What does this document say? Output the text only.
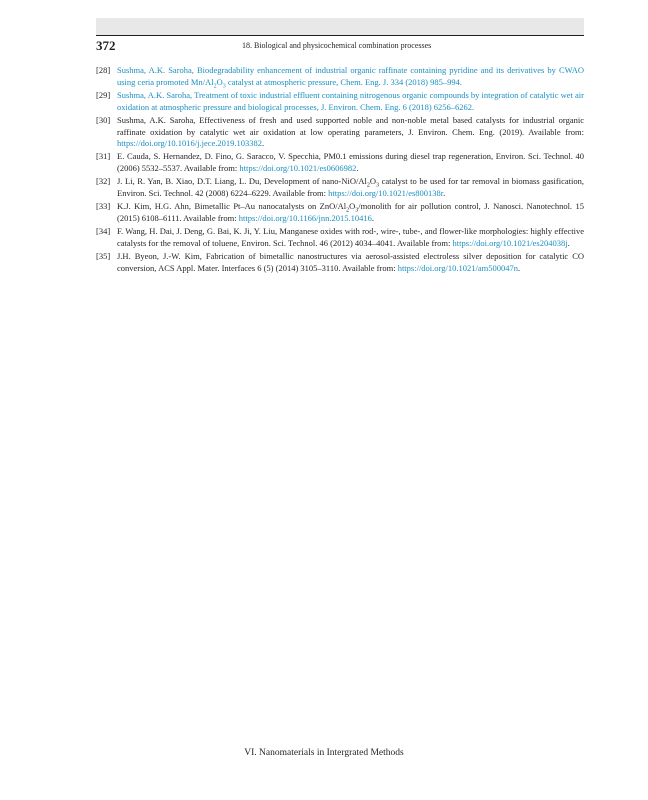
372	18. Biological and physicochemical combination processes
[28] Sushma, A.K. Saroha, Biodegradability enhancement of industrial organic raffinate containing pyridine and its derivatives by CWAO using ceria promoted $Mn/Al_2O_3$ catalyst at atmospheric pressure, Chem. Eng. J. 334 (2018) 985–994.
[29] Sushma, A.K. Saroha, Treatment of toxic industrial effluent containing nitrogenous organic compounds by integration of catalytic wet air oxidation at atmospheric pressure and biological processes, J. Environ. Chem. Eng. 6 (2018) 6256–6262.
[30] Sushma, A.K. Saroha, Effectiveness of fresh and used supported noble and non-noble metal based catalysts for industrial organic raffinate oxidation by catalytic wet air oxidation at low operating parameters, J. Environ. Chem. Eng. (2019). Available from: https://doi.org/10.1016/j.jece.2019.103382.
[31] E. Cauda, S. Hernandez, D. Fino, G. Saracco, V. Specchia, PM0.1 emissions during diesel trap regeneration, Environ. Sci. Technol. 40 (2006) 5532–5537. Available from: https://doi.org/10.1021/es0606982.
[32] J. Li, R. Yan, B. Xiao, D.T. Liang, L. Du, Development of nano-$NiO/Al_2O_3$ catalyst to be used for tar removal in biomass gasification, Environ. Sci. Technol. 42 (2008) 6224–6229. Available from: https://doi.org/10.1021/es800138r.
[33] K.J. Kim, H.G. Ahn, Bimetallic Pt–Au nanocatalysts on ZnO/$Al_2O_3$/monolith for air pollution control, J. Nanosci. Nanotechnol. 15 (2015) 6108–6111. Available from: https://doi.org/10.1166/jnn.2015.10416.
[34] F. Wang, H. Dai, J. Deng, G. Bai, K. Ji, Y. Liu, Manganese oxides with rod-, wire-, tube-, and flower-like morphologies: highly effective catalysts for the removal of toluene, Environ. Sci. Technol. 46 (2012) 4034–4041. Available from: https://doi.org/10.1021/es204038j.
[35] J.H. Byeon, J.-W. Kim, Fabrication of bimetallic nanostructures via aerosol-assisted electroless silver deposition for catalytic CO conversion, ACS Appl. Mater. Interfaces 6 (5) (2014) 3105–3110. Available from: https://doi.org/10.1021/am500047n.
VI. Nanomaterials in Intergrated Methods
